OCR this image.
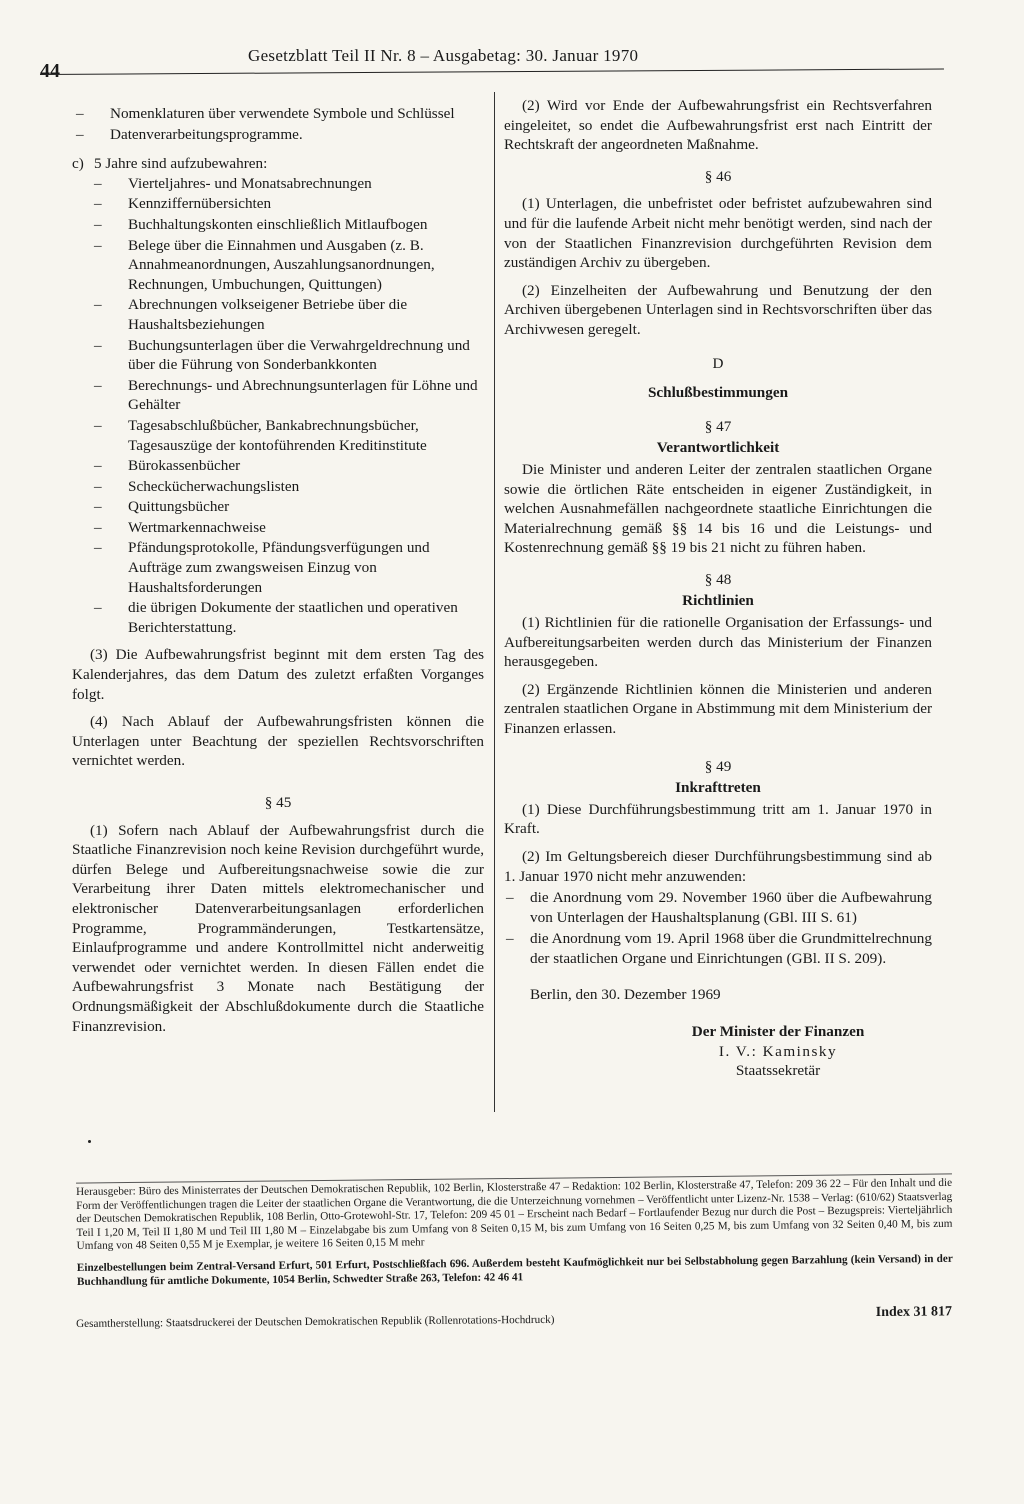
44
Gesetzblatt Teil II Nr. 8 – Ausgabetag: 30. Januar 1970
– Nomenklaturen über verwendete Symbole und Schlüssel
– Datenverarbeitungsprogramme.
c) 5 Jahre sind aufzubewahren:
– Vierteljahres- und Monatsabrechnungen
– Kennziffernübersichten
– Buchhaltungskonten einschließlich Mitlaufbogen
– Belege über die Einnahmen und Ausgaben (z. B. Annahmeanordnungen, Auszahlungsanordnungen, Rechnungen, Umbuchungen, Quittungen)
– Abrechnungen volkseigener Betriebe über die Haushaltsbeziehungen
– Buchungsunterlagen über die Verwahrgeldrechnung und über die Führung von Sonderbankkonten
– Berechnungs- und Abrechnungsunterlagen für Löhne und Gehälter
– Tagesabschlußbücher, Bankabrechnungsbücher, Tagesauszüge der kontoführenden Kreditinstitute
– Bürokassenbücher
– Scheckücherwachungslisten
– Quittungsbücher
– Wertmarkennachweise
– Pfändungsprotokolle, Pfändungsverfügungen und Aufträge zum zwangsweisen Einzug von Haushaltsforderungen
– die übrigen Dokumente der staatlichen und operativen Berichterstattung.

(3) Die Aufbewahrungsfrist beginnt mit dem ersten Tag des Kalenderjahres, das dem Datum des zuletzt erfaßten Vorganges folgt.

(4) Nach Ablauf der Aufbewahrungsfristen können die Unterlagen unter Beachtung der speziellen Rechtsvorschriften vernichtet werden.

§ 45

(1) Sofern nach Ablauf der Aufbewahrungsfrist durch die Staatliche Finanzrevision noch keine Revision durchgeführt wurde, dürfen Belege und Aufbereitungsnachweise sowie die zur Verarbeitung ihrer Daten mittels elektromechanischer und elektronischer Datenverarbeitungsanlagen erforderlichen Programme, Programmänderungen, Testkartensätze, Einlaufprogramme und andere Kontrollmittel nicht anderweitig verwendet oder vernichtet werden. In diesen Fällen endet die Aufbewahrungsfrist 3 Monate nach Bestätigung der Ordnungsmäßigkeit der Abschlußdokumente durch die Staatliche Finanzrevision.

(2) Wird vor Ende der Aufbewahrungsfrist ein Rechtsverfahren eingeleitet, so endet die Aufbewahrungsfrist erst nach Eintritt der Rechtskraft der angeordneten Maßnahme.

§ 46

(1) Unterlagen, die unbefristet oder befristet aufzubewahren sind und für die laufende Arbeit nicht mehr benötigt werden, sind nach der von der Staatlichen Finanzrevision durchgeführten Revision dem zuständigen Archiv zu übergeben.

(2) Einzelheiten der Aufbewahrung und Benutzung der den Archiven übergebenen Unterlagen sind in Rechtsvorschriften über das Archivwesen geregelt.

D
Schlußbestimmungen
§ 47
Verantwortlichkeit

Die Minister und anderen Leiter der zentralen staatlichen Organe sowie die örtlichen Räte entscheiden in eigener Zuständigkeit, in welchen Ausnahmefällen nachgeordnete staatliche Einrichtungen die Materialrechnung gemäß §§ 14 bis 16 und die Leistungs- und Kostenrechnung gemäß §§ 19 bis 21 nicht zu führen haben.

§ 48
Richtlinien

(1) Richtlinien für die rationelle Organisation der Erfassungs- und Aufbereitungsarbeiten werden durch das Ministerium der Finanzen herausgegeben.

(2) Ergänzende Richtlinien können die Ministerien und anderen zentralen staatlichen Organe in Abstimmung mit dem Ministerium der Finanzen erlassen.

§ 49
Inkrafttreten

(1) Diese Durchführungsbestimmung tritt am 1. Januar 1970 in Kraft.

(2) Im Geltungsbereich dieser Durchführungsbestimmung sind ab 1. Januar 1970 nicht mehr anzuwenden:

– die Anordnung vom 29. November 1960 über die Aufbewahrung von Unterlagen der Haushaltsplanung (GBl. III S. 61)
– die Anordnung vom 19. April 1968 über die Grundmittelrechnung der staatlichen Organe und Einrichtungen (GBl. II S. 209).
Berlin, den 30. Dezember 1969
Der Minister der Finanzen
I. V.: Kaminsky
Staatssekretär
Herausgeber: Büro des Ministerrates der Deutschen Demokratischen Republik, 102 Berlin, Klosterstraße 47 – Redaktion: 102 Berlin, Klosterstraße 47, Telefon: 209 36 22 – Für den Inhalt und die Form der Veröffentlichungen tragen die Leiter der staatlichen Organe die Verantwortung, die die Unterzeichnung vornehmen – Veröffentlicht unter Lizenz-Nr. 1538 – Verlag: (610/62) Staatsverlag der Deutschen Demokratischen Republik, 108 Berlin, Otto-Grotewohl-Str. 17, Telefon: 209 45 01 – Erscheint nach Bedarf – Fortlaufender Bezug nur durch die Post – Bezugspreis: Vierteljährlich Teil I 1,20 M, Teil II 1,80 M und Teil III 1,80 M – Einzelabgabe bis zum Umfang von 8 Seiten 0,15 M, bis zum Umfang von 16 Seiten 0,25 M, bis zum Umfang von 32 Seiten 0,40 M, bis zum Umfang von 48 Seiten 0,55 M je Exemplar, je weitere 16 Seiten 0,15 M mehr
Einzelbestellungen beim Zentral-Versand Erfurt, 501 Erfurt, Postschließfach 696. Außerdem besteht Kaufmöglichkeit nur bei Selbstabholung gegen Barzahlung (kein Versand) in der Buchhandlung für amtliche Dokumente, 1054 Berlin, Schwedter Straße 263, Telefon: 42 46 41
Gesamtherstellung: Staatsdruckerei der Deutschen Demokratischen Republik (Rollenrotations-Hochdruck)
Index 31 817
